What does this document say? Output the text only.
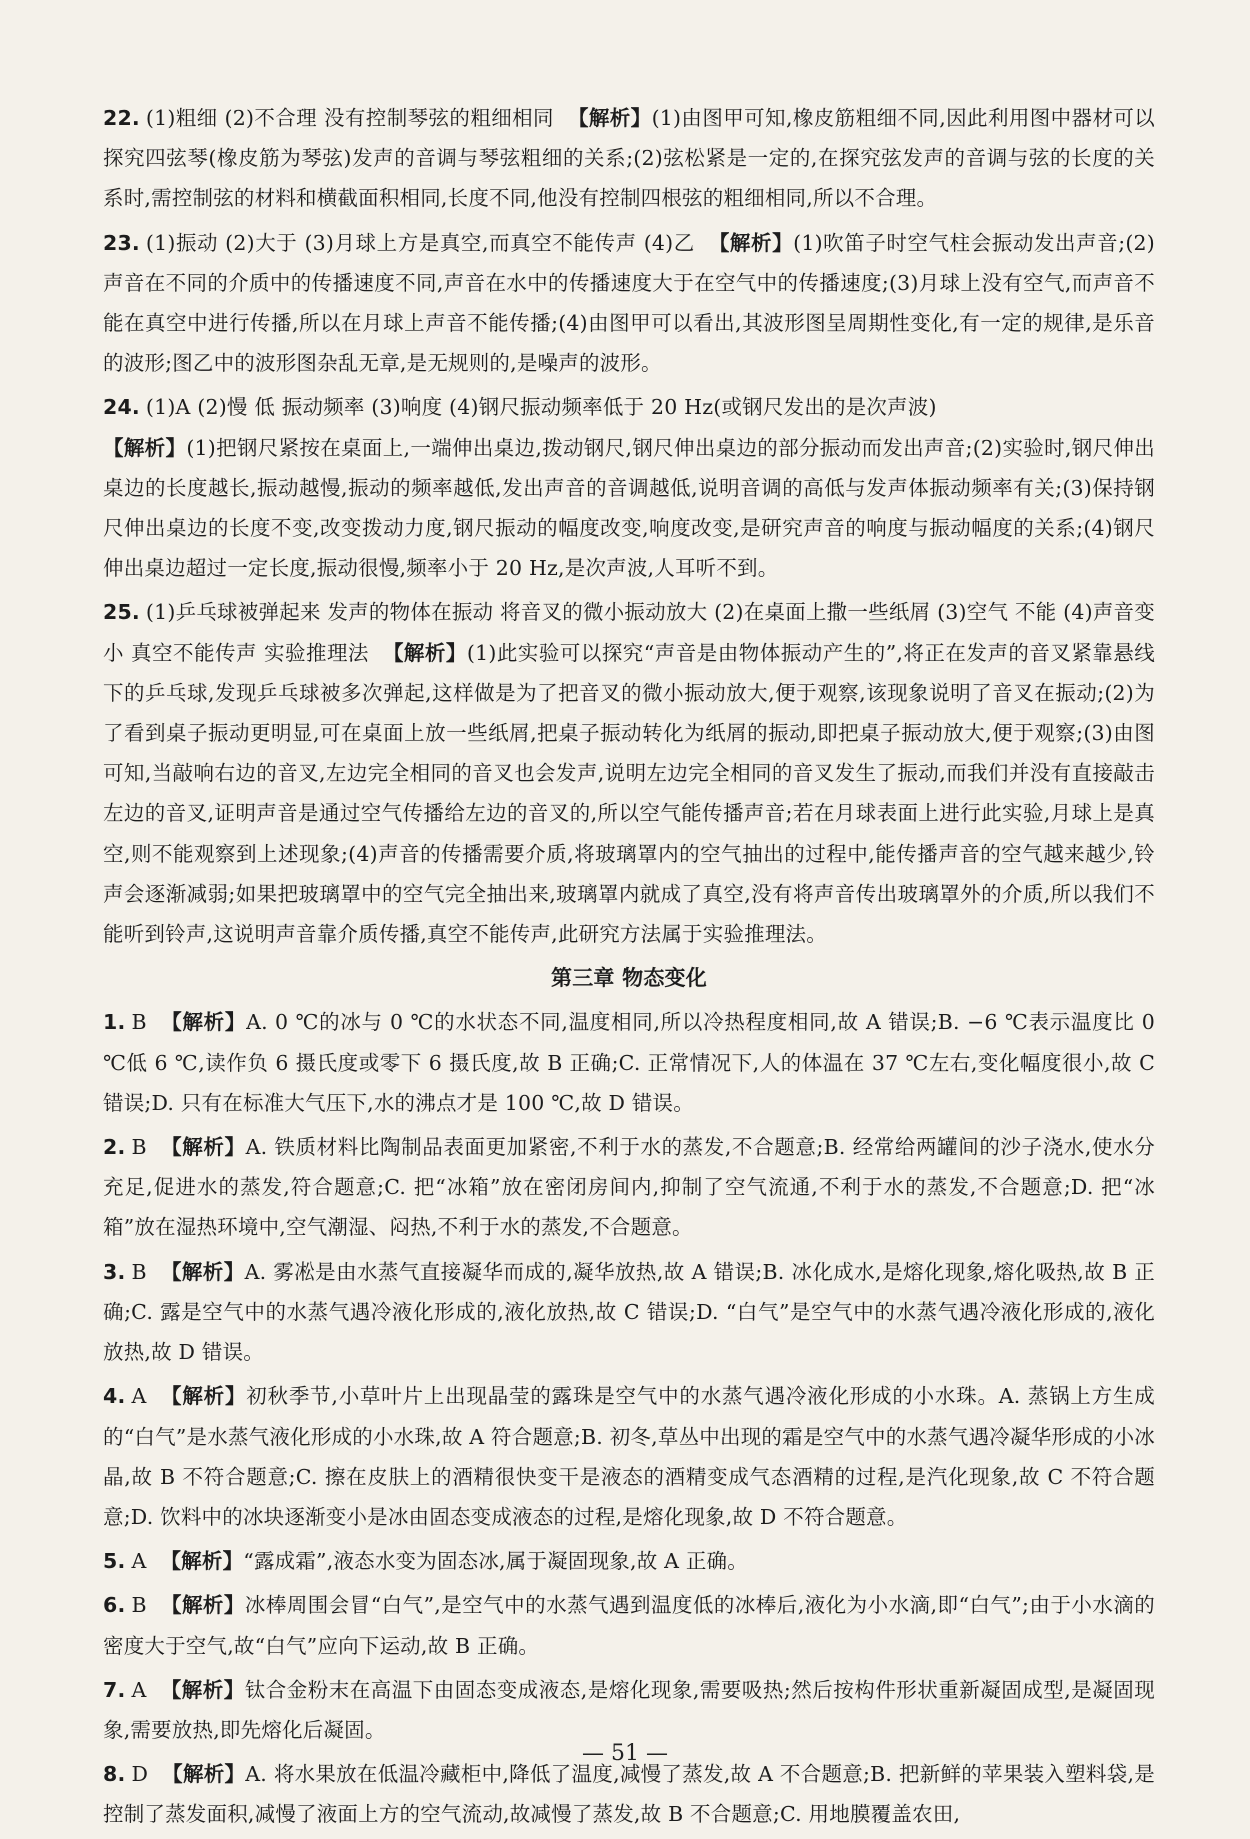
22. (1)粗细 (2)不合理 没有控制琴弦的粗细相同 【解析】(1)由图甲可知,橡皮筋粗细不同,因此利用图中器材可以探究四弦琴(橡皮筋为琴弦)发声的音调与琴弦粗细的关系;(2)弦松紧是一定的,在探究弦发声的音调与弦的长度的关系时,需控制弦的材料和横截面积相同,长度不同,他没有控制四根弦的粗细相同,所以不合理。
23. (1)振动 (2)大于 (3)月球上方是真空,而真空不能传声 (4)乙 【解析】(1)吹笛子时空气柱会振动发出声音;(2)声音在不同的介质中的传播速度不同,声音在水中的传播速度大于在空气中的传播速度;(3)月球上没有空气,而声音不能在真空中进行传播,所以在月球上声音不能传播;(4)由图甲可以看出,其波形图呈周期性变化,有一定的规律,是乐音的波形;图乙中的波形图杂乱无章,是无规则的,是噪声的波形。
24. (1)A (2)慢 低 振动频率 (3)响度 (4)钢尺振动频率低于 20 Hz(或钢尺发出的是次声波)
【解析】(1)把钢尺紧按在桌面上,一端伸出桌边,拨动钢尺,钢尺伸出桌边的部分振动而发出声音;(2)实验时,钢尺伸出桌边的长度越长,振动越慢,振动的频率越低,发出声音的音调越低,说明音调的高低与发声体振动频率有关;(3)保持钢尺伸出桌边的长度不变,改变拨动力度,钢尺振动的幅度改变,响度改变,是研究声音的响度与振动幅度的关系;(4)钢尺伸出桌边超过一定长度,振动很慢,频率小于 20 Hz,是次声波,人耳听不到。
25. (1)乒乓球被弹起来 发声的物体在振动 将音叉的微小振动放大 (2)在桌面上撒一些纸屑 (3)空气 不能 (4)声音变小 真空不能传声 实验推理法 【解析】(1)此实验可以探究“声音是由物体振动产生的”,将正在发声的音叉紧靠悬线下的乒乓球,发现乒乓球被多次弹起,这样做是为了把音叉的微小振动放大,便于观察,该现象说明了音叉在振动;(2)为了看到桌子振动更明显,可在桌面上放一些纸屑,把桌子振动转化为纸屑的振动,即把桌子振动放大,便于观察;(3)由图可知,当敲响右边的音叉,左边完全相同的音叉也会发声,说明左边完全相同的音叉发生了振动,而我们并没有直接敲击左边的音叉,证明声音是通过空气传播给左边的音叉的,所以空气能传播声音;若在月球表面上进行此实验,月球上是真空,则不能观察到上述现象;(4)声音的传播需要介质,将玻璃罩内的空气抽出的过程中,能传播声音的空气越来越少,铃声会逐渐减弱;如果把玻璃罩中的空气完全抽出来,玻璃罩内就成了真空,没有将声音传出玻璃罩外的介质,所以我们不能听到铃声,这说明声音靠介质传播,真空不能传声,此研究方法属于实验推理法。
第三章 物态变化
1. B 【解析】A. 0 ℃的冰与 0 ℃的水状态不同,温度相同,所以冷热程度相同,故 A 错误;B. −6 ℃表示温度比 0 ℃低 6 ℃,读作负 6 摄氏度或零下 6 摄氏度,故 B 正确;C. 正常情况下,人的体温在 37 ℃左右,变化幅度很小,故 C 错误;D. 只有在标准大气压下,水的沸点才是 100 ℃,故 D 错误。
2. B 【解析】A. 铁质材料比陶制品表面更加紧密,不利于水的蒸发,不合题意;B. 经常给两罐间的沙子浇水,使水分充足,促进水的蒸发,符合题意;C. 把“冰箱”放在密闭房间内,抑制了空气流通,不利于水的蒸发,不合题意;D. 把“冰箱”放在湿热环境中,空气潮湿、闷热,不利于水的蒸发,不合题意。
3. B 【解析】A. 雾凇是由水蒸气直接凝华而成的,凝华放热,故 A 错误;B. 冰化成水,是熔化现象,熔化吸热,故 B 正确;C. 露是空气中的水蒸气遇冷液化形成的,液化放热,故 C 错误;D. “白气”是空气中的水蒸气遇冷液化形成的,液化放热,故 D 错误。
4. A 【解析】初秋季节,小草叶片上出现晶莹的露珠是空气中的水蒸气遇冷液化形成的小水珠。A. 蒸锅上方生成的“白气”是水蒸气液化形成的小水珠,故 A 符合题意;B. 初冬,草丛中出现的霜是空气中的水蒸气遇冷凝华形成的小冰晶,故 B 不符合题意;C. 擦在皮肤上的酒精很快变干是液态的酒精变成气态酒精的过程,是汽化现象,故 C 不符合题意;D. 饮料中的冰块逐渐变小是冰由固态变成液态的过程,是熔化现象,故 D 不符合题意。
5. A 【解析】“露成霜”,液态水变为固态冰,属于凝固现象,故 A 正确。
6. B 【解析】冰棒周围会冒“白气”,是空气中的水蒸气遇到温度低的冰棒后,液化为小水滴,即“白气”;由于小水滴的密度大于空气,故“白气”应向下运动,故 B 正确。
7. A 【解析】钛合金粉末在高温下由固态变成液态,是熔化现象,需要吸热;然后按构件形状重新凝固成型,是凝固现象,需要放热,即先熔化后凝固。
8. D 【解析】A. 将水果放在低温冷藏柜中,降低了温度,减慢了蒸发,故 A 不合题意;B. 把新鲜的苹果装入塑料袋,是控制了蒸发面积,减慢了液面上方的空气流动,故减慢了蒸发,故 B 不合题意;C. 用地膜覆盖农田,
— 51 —
